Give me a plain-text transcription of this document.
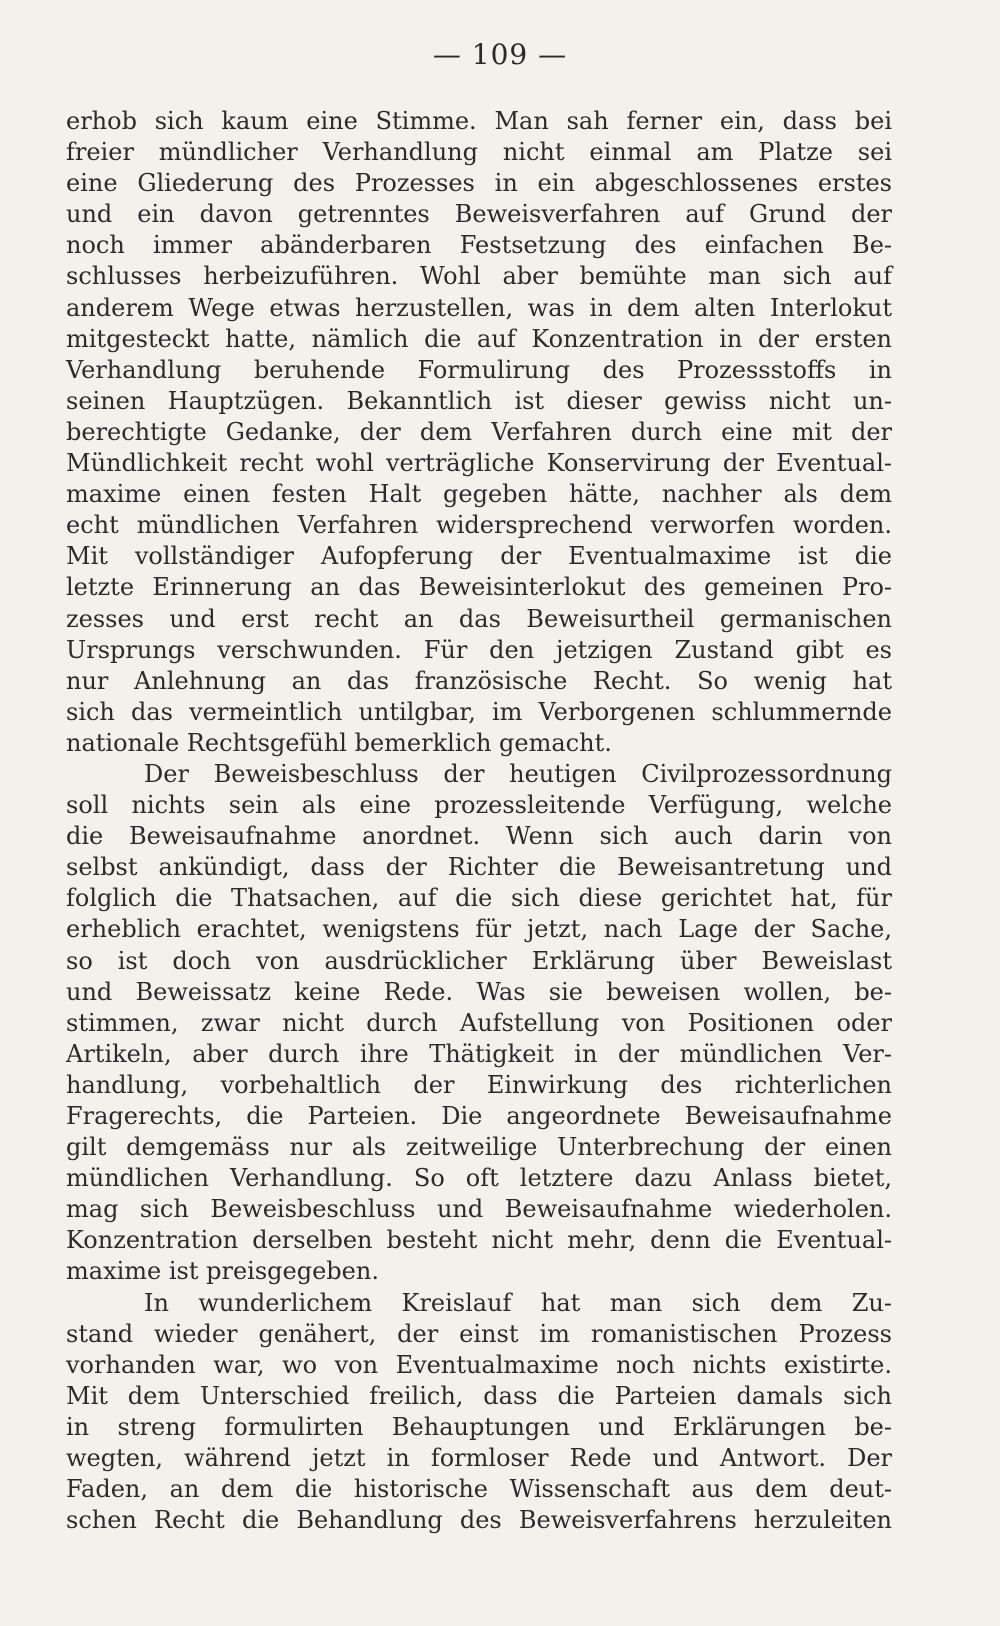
— 109 —
erhob sich kaum eine Stimme. Man sah ferner ein, dass bei
freier mündlicher Verhandlung nicht einmal am Platze sei
eine Gliederung des Prozesses in ein abgeschlossenes erstes
und ein davon getrenntes Beweisverfahren auf Grund der
noch immer abänderbaren Festsetzung des einfachen Be-
schlusses herbeizuführen. Wohl aber bemühte man sich auf
anderem Wege etwas herzustellen, was in dem alten Interlokut
mitgesteckt hatte, nämlich die auf Konzentration in der ersten
Verhandlung beruhende Formulirung des Prozessstoffs in
seinen Hauptzügen. Bekanntlich ist dieser gewiss nicht un-
berechtigte Gedanke, der dem Verfahren durch eine mit der
Mündlichkeit recht wohl verträgliche Konservirung der Eventual-
maxime einen festen Halt gegeben hätte, nachher als dem
echt mündlichen Verfahren widersprechend verworfen worden.
Mit vollständiger Aufopferung der Eventualmaxime ist die
letzte Erinnerung an das Beweisinterlokut des gemeinen Pro-
zesses und erst recht an das Beweisurtheil germanischen
Ursprungs verschwunden. Für den jetzigen Zustand gibt es
nur Anlehnung an das französische Recht. So wenig hat
sich das vermeintlich untilgbar, im Verborgenen schlummernde
nationale Rechtsgefühl bemerklich gemacht.
Der Beweisbeschluss der heutigen Civilprozessordnung
soll nichts sein als eine prozessleitende Verfügung, welche
die Beweisaufnahme anordnet. Wenn sich auch darin von
selbst ankündigt, dass der Richter die Beweisantretung und
folglich die Thatsachen, auf die sich diese gerichtet hat, für
erheblich erachtet, wenigstens für jetzt, nach Lage der Sache,
so ist doch von ausdrücklicher Erklärung über Beweislast
und Beweissatz keine Rede. Was sie beweisen wollen, be-
stimmen, zwar nicht durch Aufstellung von Positionen oder
Artikeln, aber durch ihre Thätigkeit in der mündlichen Ver-
handlung, vorbehaltlich der Einwirkung des richterlichen
Fragerechts, die Parteien. Die angeordnete Beweisaufnahme
gilt demgemäss nur als zeitweilige Unterbrechung der einen
mündlichen Verhandlung. So oft letztere dazu Anlass bietet,
mag sich Beweisbeschluss und Beweisaufnahme wiederholen.
Konzentration derselben besteht nicht mehr, denn die Eventual-
maxime ist preisgegeben.
In wunderlichem Kreislauf hat man sich dem Zu-
stand wieder genähert, der einst im romanistischen Prozess
vorhanden war, wo von Eventualmaxime noch nichts existirte.
Mit dem Unterschied freilich, dass die Parteien damals sich
in streng formulirten Behauptungen und Erklärungen be-
wegten, während jetzt in formloser Rede und Antwort. Der
Faden, an dem die historische Wissenschaft aus dem deut-
schen Recht die Behandlung des Beweisverfahrens herzuleiten
